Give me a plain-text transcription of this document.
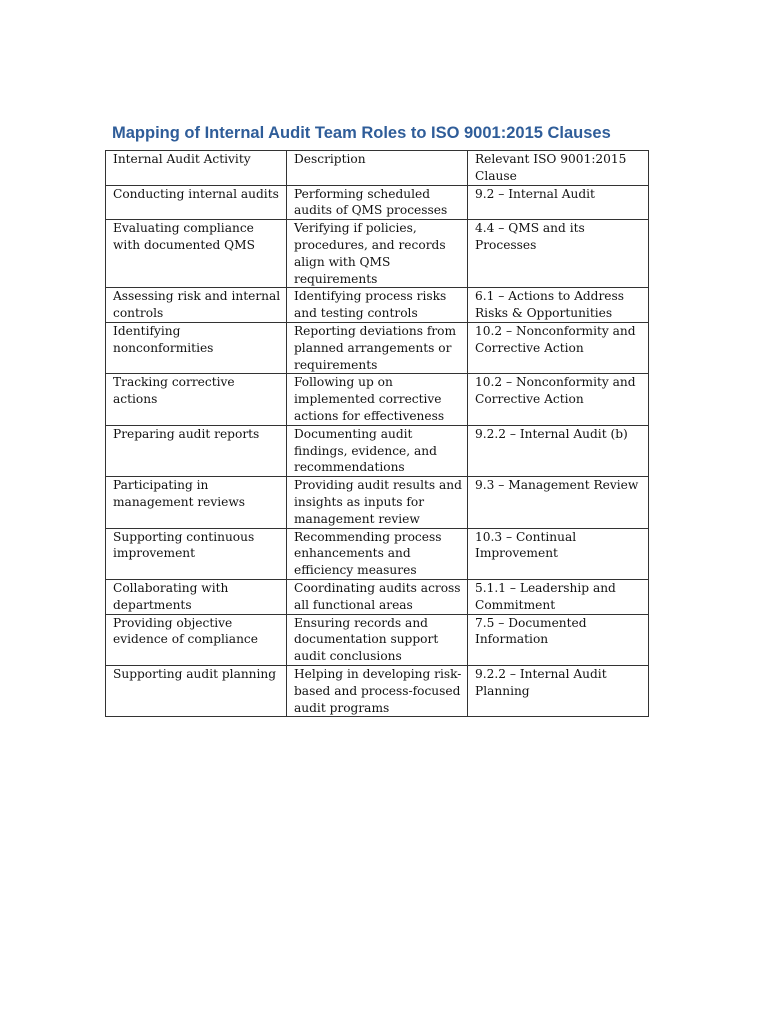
Mapping of Internal Audit Team Roles to ISO 9001:2015 Clauses
Internal Audit Activity	Description	Relevant ISO 9001:2015 Clause
Conducting internal audits	Performing scheduled audits of QMS processes	9.2 – Internal Audit
Evaluating compliance with documented QMS	Verifying if policies, procedures, and records align with QMS requirements	4.4 – QMS and its Processes
Assessing risk and internal controls	Identifying process risks and testing controls	6.1 – Actions to Address Risks & Opportunities
Identifying nonconformities	Reporting deviations from planned arrangements or requirements	10.2 – Nonconformity and Corrective Action
Tracking corrective actions	Following up on implemented corrective actions for effectiveness	10.2 – Nonconformity and Corrective Action
Preparing audit reports	Documenting audit findings, evidence, and recommendations	9.2.2 – Internal Audit (b)
Participating in management reviews	Providing audit results and insights as inputs for management review	9.3 – Management Review
Supporting continuous improvement	Recommending process enhancements and efficiency measures	10.3 – Continual Improvement
Collaborating with departments	Coordinating audits across all functional areas	5.1.1 – Leadership and Commitment
Providing objective evidence of compliance	Ensuring records and documentation support audit conclusions	7.5 – Documented Information
Supporting audit planning	Helping in developing risk-based and process-focused audit programs	9.2.2 – Internal Audit Planning
